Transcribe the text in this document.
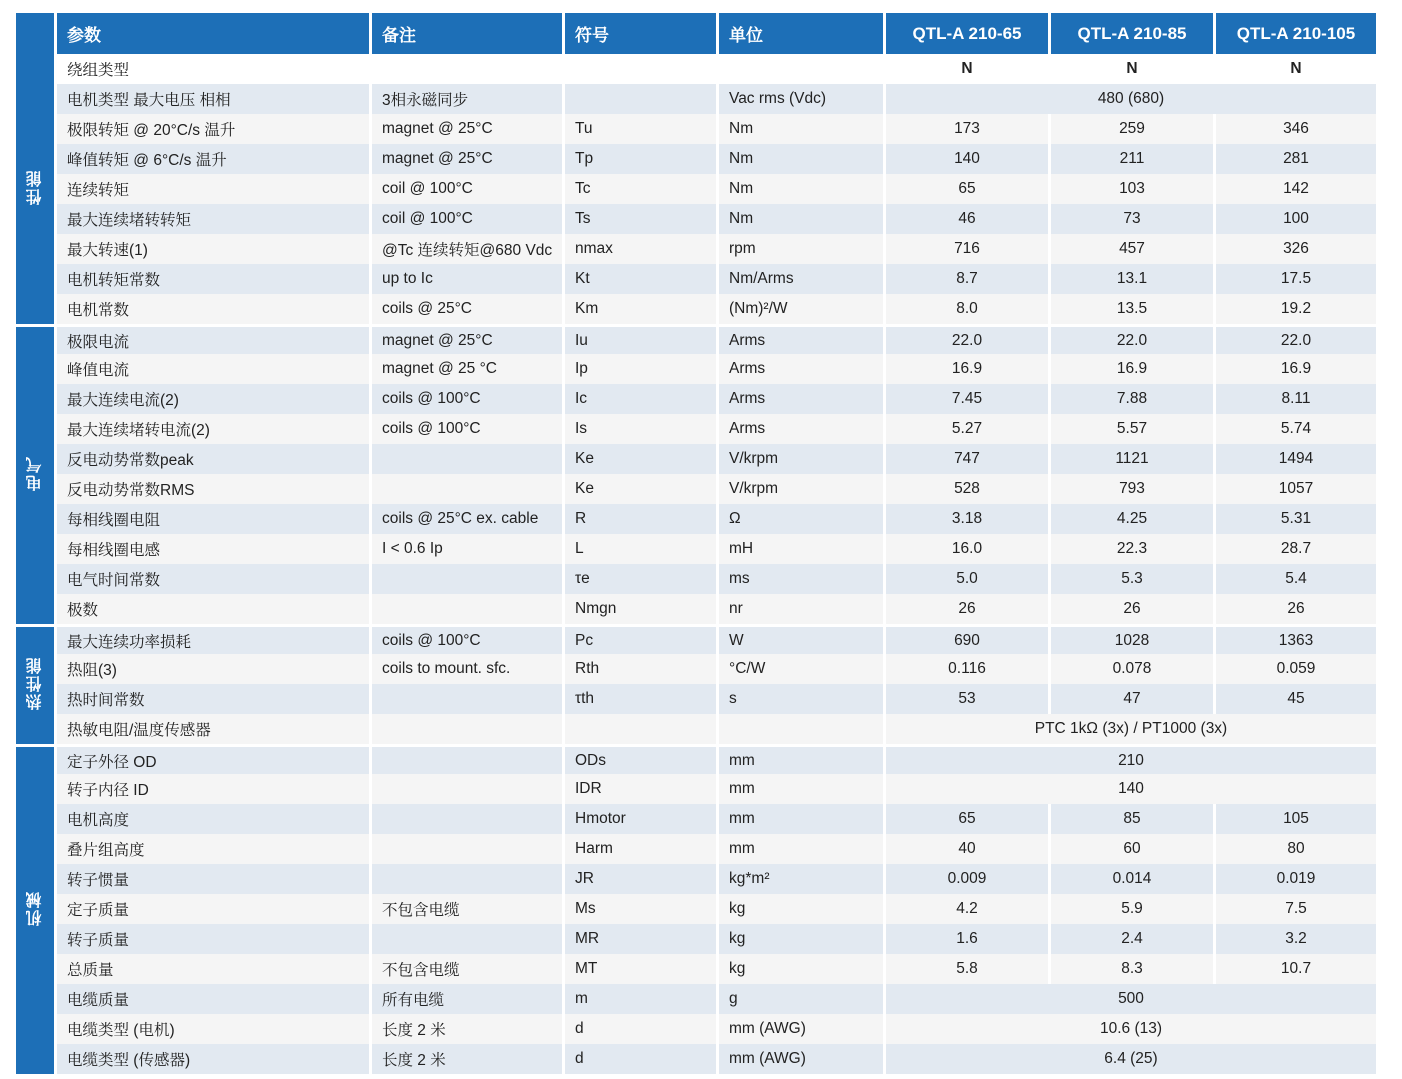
	参数	备注	符号	单位	QTL-A 210-65	QTL-A 210-85	QTL-A 210-105
性能	绕组类型				N	N	N
	电机类型 最大电压 相相	3相永磁同步		Vac rms (Vdc)	480 (680)		
	极限转矩 @ 20°C/s 温升	magnet @ 25°C	Tu	Nm	173	259	346
	峰值转矩 @ 6°C/s 温升	magnet @ 25°C	Tp	Nm	140	211	281
	连续转矩	coil @ 100°C	Tc	Nm	65	103	142
	最大连续堵转转矩	coil @ 100°C	Ts	Nm	46	73	100
	最大转速(1)	@Tc 连续转矩@680 Vdc	nmax	rpm	716	457	326
	电机转矩常数	up to Ic	Kt	Nm/Arms	8.7	13.1	17.5
	电机常数	coils @ 25°C	Km	(Nm)²/W	8.0	13.5	19.2
电气	极限电流	magnet @ 25°C	Iu	Arms	22.0	22.0	22.0
	峰值电流	magnet @ 25 °C	Ip	Arms	16.9	16.9	16.9
	最大连续电流(2)	coils @ 100°C	Ic	Arms	7.45	7.88	8.11
	最大连续堵转电流(2)	coils @ 100°C	Is	Arms	5.27	5.57	5.74
	反电动势常数peak		Ke	V/krpm	747	1121	1494
	反电动势常数RMS		Ke	V/krpm	528	793	1057
	每相线圈电阻	coils @ 25°C ex. cable	R	Ω	3.18	4.25	5.31
	每相线圈电感	I < 0.6 Ip	L	mH	16.0	22.3	28.7
	电气时间常数		τe	ms	5.0	5.3	5.4
	极数		Nmgn	nr	26	26	26
热性能	最大连续功率损耗	coils @ 100°C	Pc	W	690	1028	1363
	热阻(3)	coils to mount. sfc.	Rth	°C/W	0.116	0.078	0.059
	热时间常数		τth	s	53	47	45
	热敏电阻/温度传感器				PTC 1kΩ (3x) / PT1000 (3x)		
机械	定子外径 OD		ODs	mm	210		
	转子内径 ID		IDR	mm	140		
	电机高度		Hmotor	mm	65	85	105
	叠片组高度		Harm	mm	40	60	80
	转子惯量		JR	kg*m²	0.009	0.014	0.019
	定子质量	不包含电缆	Ms	kg	4.2	5.9	7.5
	转子质量		MR	kg	1.6	2.4	3.2
	总质量	不包含电缆	MT	kg	5.8	8.3	10.7
	电缆质量	所有电缆	m	g	500		
	电缆类型 (电机)	长度 2 米	d	mm (AWG)	10.6 (13)		
	电缆类型 (传感器)	长度 2 米	d	mm (AWG)	6.4 (25)		
